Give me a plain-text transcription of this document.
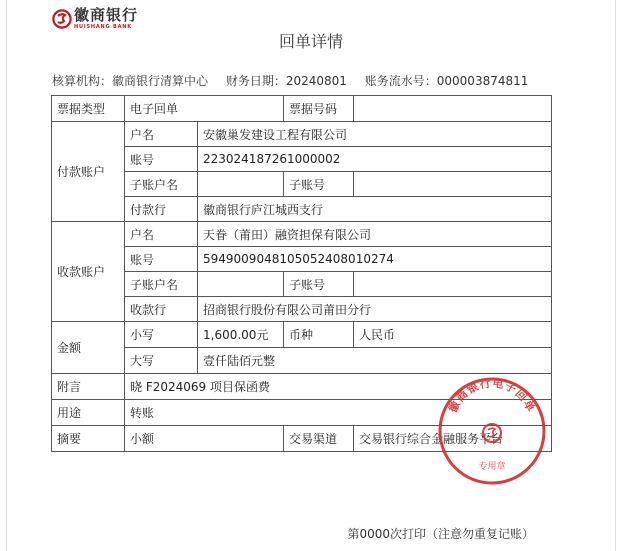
徽商银行
HUISHANG BANK
回单详情
核算机构：徽商银行清算中心 财务日期：20240801 账务流水号：000003874811
票据类型	电子回单		票据号码	
付款账户	户名	安徽巢发建设工程有限公司		
	账号	223024187261000002		
	子账户名		子账号	
	付款行	徽商银行庐江城西支行		
收款账户	户名	天眷（莆田）融资担保有限公司		
	账号	5949009048105052408010274		
	子账户名		子账号	
	收款行	招商银行股份有限公司莆田分行		
金额	小写	1,600.00元	币种	人民币
	大写	壹仟陆佰元整		
附言	晓 F2024069 项目保函费			
用途	转账			
摘要	小额		交易渠道	交易银行综合金融服务平台
徽商银行电子回单
专用章
第0000次打印（注意勿重复记账）
